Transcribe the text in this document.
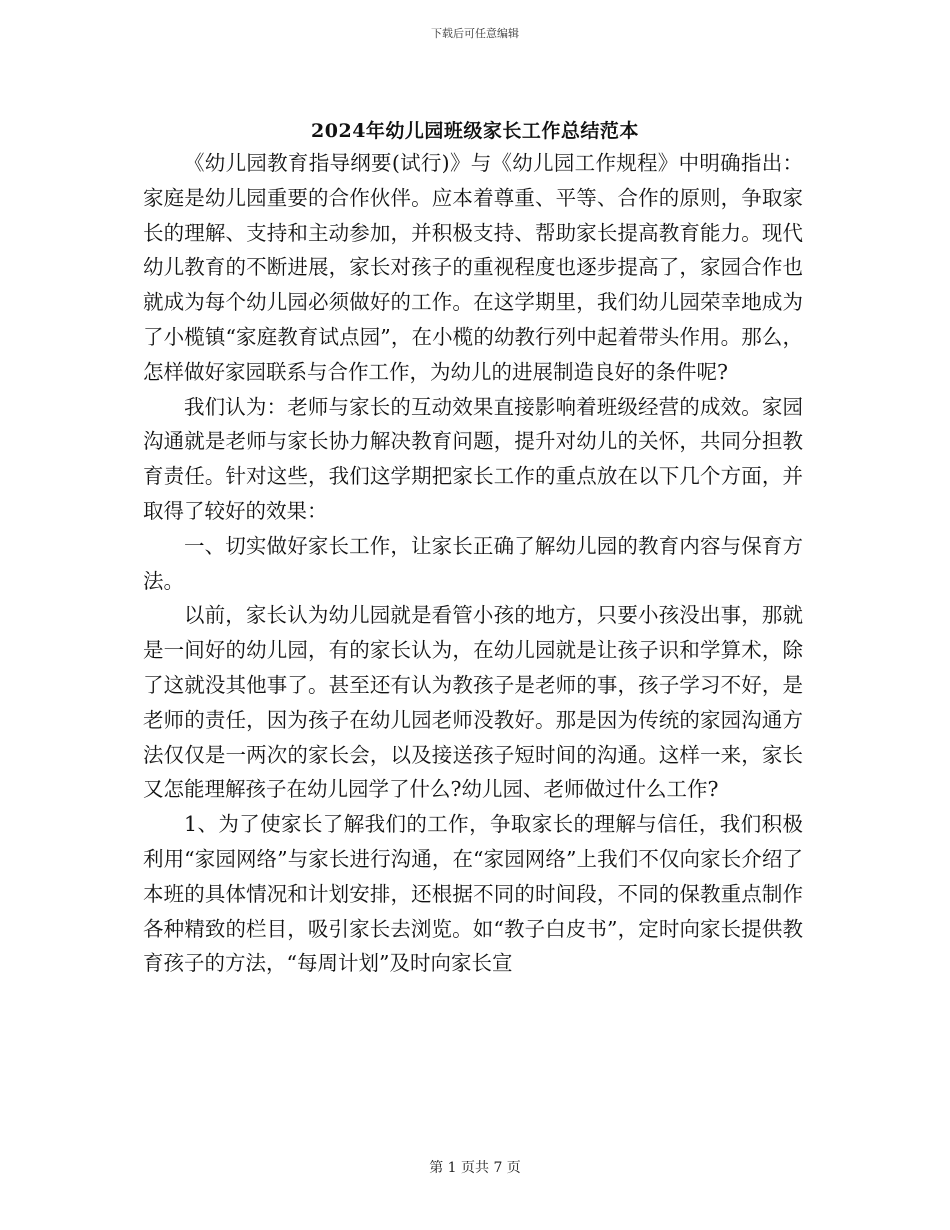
下载后可任意编辑
2024年幼儿园班级家长工作总结范本

《幼儿园教育指导纲要(试行)》与《幼儿园工作规程》中明确指出：家庭是幼儿园重要的合作伙伴。应本着尊重、平等、合作的原则，争取家长的理解、支持和主动参加，并积极支持、帮助家长提高教育能力。现代幼儿教育的不断进展，家长对孩子的重视程度也逐步提高了，家园合作也就成为每个幼儿园必须做好的工作。在这学期里，我们幼儿园荣幸地成为了小榄镇“家庭教育试点园”，在小榄的幼教行列中起着带头作用。那么，怎样做好家园联系与合作工作，为幼儿的进展制造良好的条件呢?

我们认为：老师与家长的互动效果直接影响着班级经营的成效。家园沟通就是老师与家长协力解决教育问题，提升对幼儿的关怀，共同分担教育责任。针对这些，我们这学期把家长工作的重点放在以下几个方面，并取得了较好的效果：

一、切实做好家长工作，让家长正确了解幼儿园的教育内容与保育方法。

以前，家长认为幼儿园就是看管小孩的地方，只要小孩没出事，那就是一间好的幼儿园，有的家长认为，在幼儿园就是让孩子识和学算术，除了这就没其他事了。甚至还有认为教孩子是老师的事，孩子学习不好，是老师的责任，因为孩子在幼儿园老师没教好。那是因为传统的家园沟通方法仅仅是一两次的家长会，以及接送孩子短时间的沟通。这样一来，家长又怎能理解孩子在幼儿园学了什么?幼儿园、老师做过什么工作?

1、为了使家长了解我们的工作，争取家长的理解与信任，我们积极利用“家园网络”与家长进行沟通，在“家园网络”上我们不仅向家长介绍了本班的具体情况和计划安排，还根据不同的时间段，不同的保教重点制作各种精致的栏目，吸引家长去浏览。如“教子白皮书”，定时向家长提供教育孩子的方法，“每周计划”及时向家长宣

第 1 页共 7 页
